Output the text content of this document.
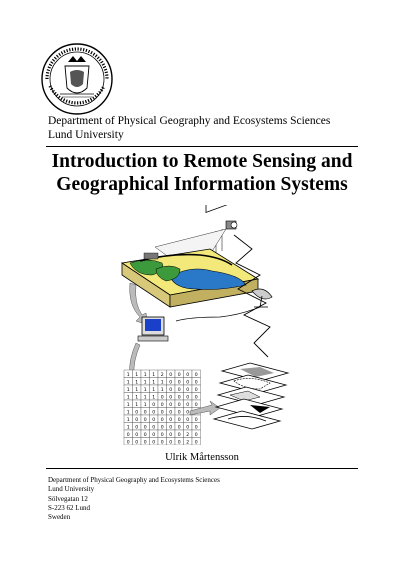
Department of Physical Geography and Ecosystems Sciences
Lund University
Introduction to Remote Sensing and
Geographical Information Systems
1 1 1 1 2 0 0 0 0
1 1 1 1 1 0 0 0 0
1 1 1 1 1 0 0 0 0
1 1 1 1 0 0 0 0 0
1 1 1 0 0 0 0 0 0
1 0 0 0 0 0 0 0
1 0 0 0 0 0 0 0 0
1 0 0 0 0 0 0 0 0
0 0 0 0 0 0 0 2 0
0 0 0 0 0 0 0 2 0
Ulrik Mårtensson
Department of Physical Geography and Ecosystems Sciences
Lund University
Sölvegatan 12
S-223 62 Lund
Sweden
